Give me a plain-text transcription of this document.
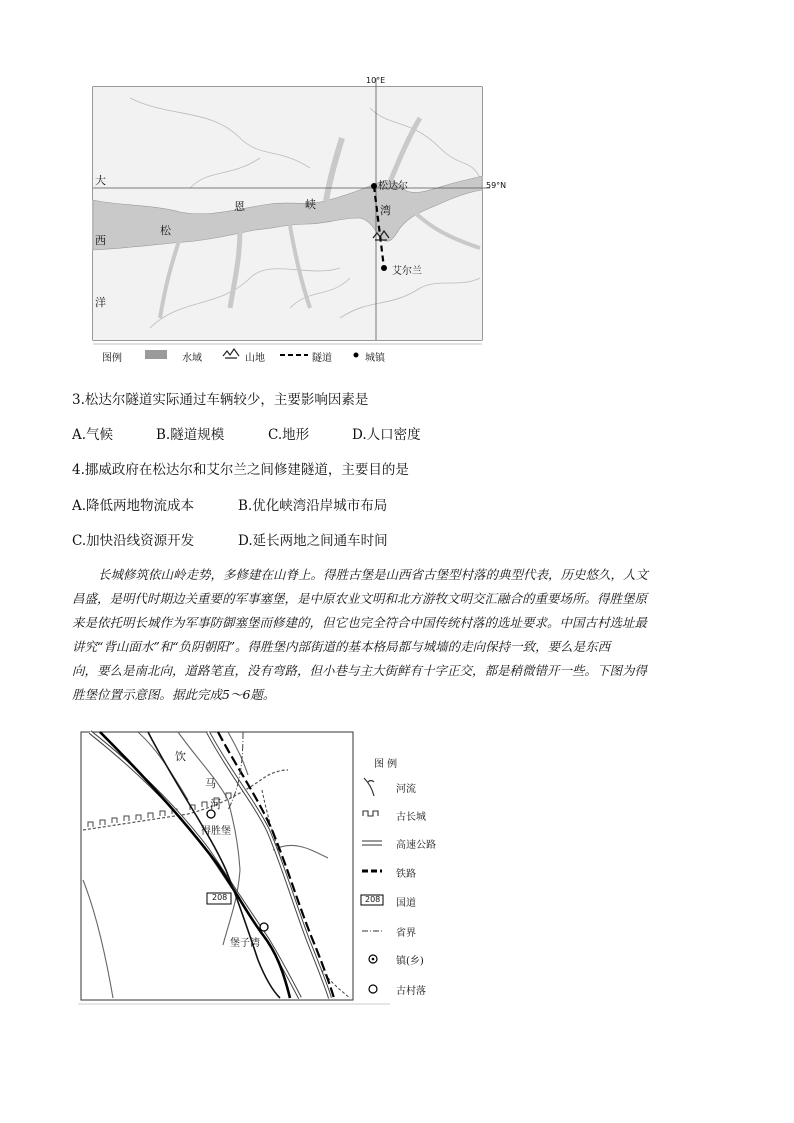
10°E
59°N
大
西
洋
松
恩	峡	湾
松达尔
艾尔兰
图例	水域	山地	隧道	城镇
3.松达尔隧道实际通过车辆较少，主要影响因素是
A.气候	B.隧道规模	C.地形	D.人口密度
4.挪威政府在松达尔和艾尔兰之间修建隧道，主要目的是
A.降低两地物流成本	B.优化峡湾沿岸城市布局
C.加快沿线资源开发	D.延长两地之间通车时间
长城修筑依山岭走势，多修建在山脊上。得胜古堡是山西省古堡型村落的典型代表，历史悠久，人文
昌盛，是明代时期边关重要的军事塞堡，是中原农业文明和北方游牧文明交汇融合的重要场所。得胜堡原
来是依托明长城作为军事防御塞堡而修建的，但它也完全符合中国传统村落的选址要求。中国古村选址最
讲究“背山面水”和“负阴朝阳”。得胜堡内部街道的基本格局都与城墙的走向保持一致，要么是东西
向，要么是南北向，道路笔直，没有弯路，但小巷与主大街鲜有十字正交，都是稍微错开一些。下图为得
胜堡位置示意图。据此完成5～6题。
饮
马
河
得胜堡
堡子湾
208
图 例
河流
古长城
高速公路
铁路
国道
208
省界
镇(乡)
古村落
